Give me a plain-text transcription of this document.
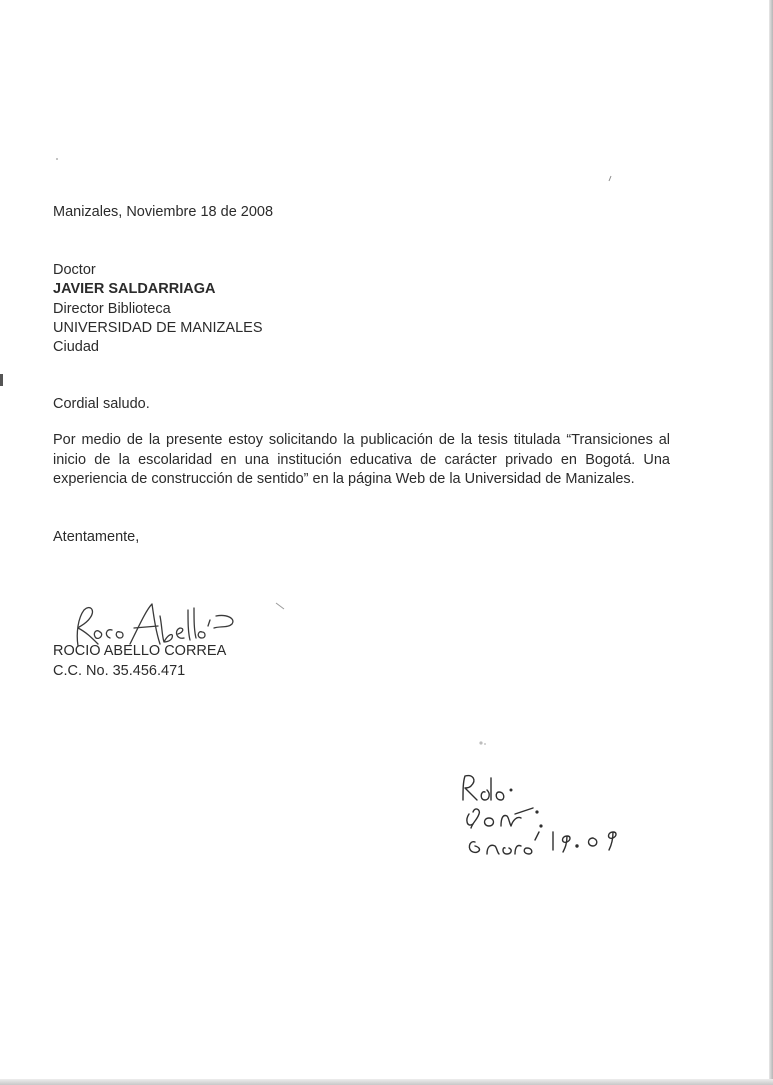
Manizales, Noviembre 18 de 2008
Doctor
JAVIER SALDARRIAGA
Director Biblioteca
UNIVERSIDAD DE MANIZALES
Ciudad
Cordial saludo.
Por medio de la presente estoy solicitando la publicación de la tesis titulada “Transiciones al inicio de la escolaridad en una institución educativa de carácter privado en Bogotá. Una experiencia de construcción de sentido” en la página Web de la Universidad de Manizales.
Atentamente,
ROCIO ABELLO CORREA
C.C. No. 35.456.471
